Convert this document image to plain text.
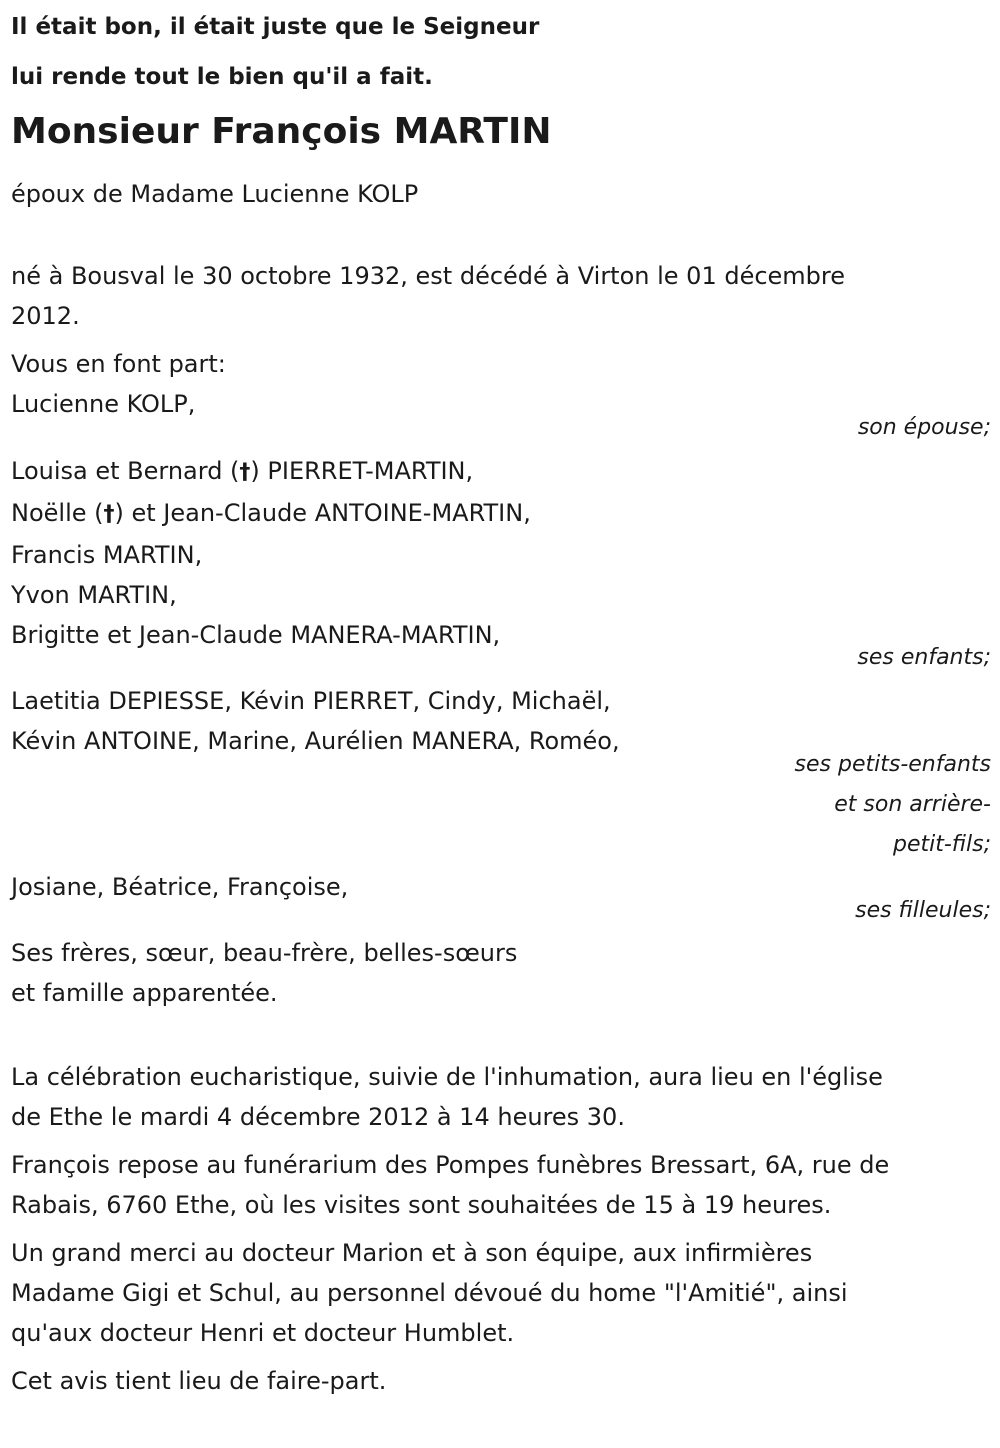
Il était bon, il était juste que le Seigneur
lui rende tout le bien qu'il a fait.
Monsieur François MARTIN
époux de Madame Lucienne KOLP
né à Bousval le 30 octobre 1932, est décédé à Virton le 01 décembre
2012.
Vous en font part:
Lucienne KOLP,
son épouse;
Louisa et Bernard (†) PIERRET-MARTIN,
Noëlle (†) et Jean-Claude ANTOINE-MARTIN,
Francis MARTIN,
Yvon MARTIN,
Brigitte et Jean-Claude MANERA-MARTIN,
ses enfants;
Laetitia DEPIESSE, Kévin PIERRET, Cindy, Michaël,
Kévin ANTOINE, Marine, Aurélien MANERA, Roméo,
ses petits-enfants
et son arrière-
petit-fils;
Josiane, Béatrice, Françoise,
ses filleules;
Ses frères, sœur, beau-frère, belles-sœurs
et famille apparentée.
La célébration eucharistique, suivie de l'inhumation, aura lieu en l'église
de Ethe le mardi 4 décembre 2012 à 14 heures 30.
François repose au funérarium des Pompes funèbres Bressart, 6A, rue de
Rabais, 6760 Ethe, où les visites sont souhaitées de 15 à 19 heures.
Un grand merci au docteur Marion et à son équipe, aux infirmières
Madame Gigi et Schul, au personnel dévoué du home "l'Amitié", ainsi
qu'aux docteur Henri et docteur Humblet.
Cet avis tient lieu de faire-part.
